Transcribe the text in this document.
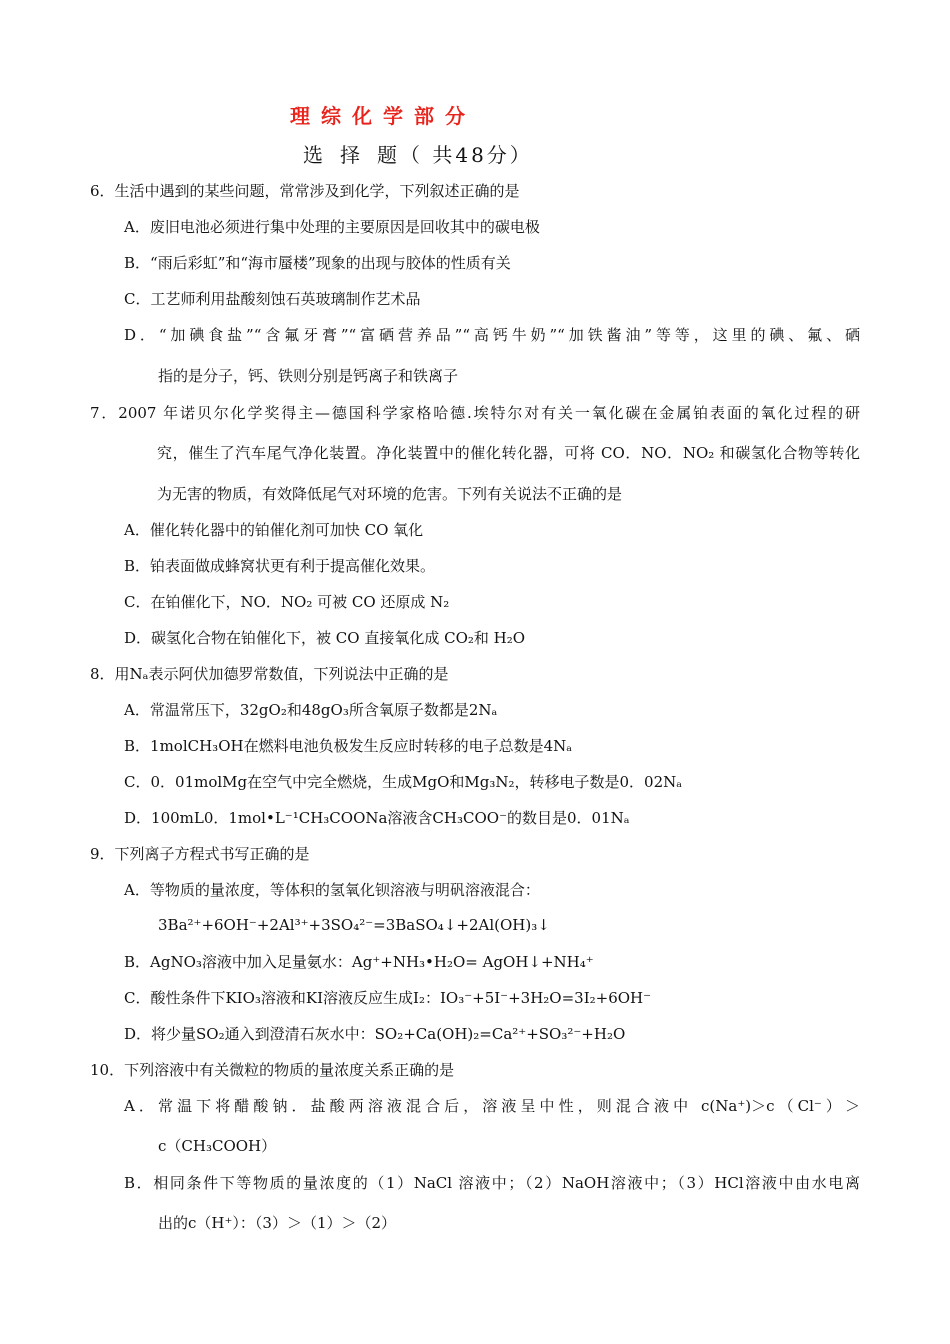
理综化学部分
选 择 题（ 共48分）
6．生活中遇到的某些问题，常常涉及到化学，下列叙述正确的是
A．废旧电池必须进行集中处理的主要原因是回收其中的碳电极
B．“雨后彩虹”和“海市蜃楼”现象的出现与胶体的性质有关
C．工艺师利用盐酸刻蚀石英玻璃制作艺术品
D．“加碘食盐”“含氟牙膏”“富硒营养品”“高钙牛奶”“加铁酱油”等等，这里的碘、氟、硒
指的是分子，钙、铁则分别是钙离子和铁离子
7．2007 年诺贝尔化学奖得主—德国科学家格哈德.埃特尔对有关一氧化碳在金属铂表面的氧化过程的研
究，催生了汽车尾气净化装置。净化装置中的催化转化器，可将 CO．NO．NO₂ 和碳氢化合物等转化
为无害的物质，有效降低尾气对环境的危害。下列有关说法不正确的是
A．催化转化器中的铂催化剂可加快 CO 氧化
B．铂表面做成蜂窝状更有利于提高催化效果。
C．在铂催化下，NO．NO₂ 可被 CO 还原成 N₂
D．碳氢化合物在铂催化下，被 CO 直接氧化成 CO₂和 H₂O
8．用Nₐ表示阿伏加德罗常数值，下列说法中正确的是
A．常温常压下，32gO₂和48gO₃所含氧原子数都是2Nₐ
B．1molCH₃OH在燃料电池负极发生反应时转移的电子总数是4Nₐ
C．0．01molMg在空气中完全燃烧，生成MgO和Mg₃N₂，转移电子数是0．02Nₐ
D．100mL0．1mol•L⁻¹CH₃COONa溶液含CH₃COO⁻的数目是0．01Nₐ
9．下列离子方程式书写正确的是
A．等物质的量浓度，等体积的氢氧化钡溶液与明矾溶液混合：
3Ba²⁺+6OH⁻+2Al³⁺+3SO₄²⁻=3BaSO₄↓+2Al(OH)₃↓
B．AgNO₃溶液中加入足量氨水：Ag⁺+NH₃•H₂O= AgOH↓+NH₄⁺
C．酸性条件下KIO₃溶液和KI溶液反应生成I₂：IO₃⁻+5I⁻+3H₂O=3I₂+6OH⁻
D．将少量SO₂通入到澄清石灰水中：SO₂+Ca(OH)₂=Ca²⁺+SO₃²⁻+H₂O
10．下列溶液中有关微粒的物质的量浓度关系正确的是
A．常温下将醋酸钠．盐酸两溶液混合后，溶液呈中性，则混合液中 c(Na⁺)＞c（Cl⁻）＞
c（CH₃COOH）
B．相同条件下等物质的量浓度的（1）NaCl 溶液中；（2）NaOH溶液中；（3）HCl溶液中由水电离
出的c（H⁺）：（3）＞（1）＞（2）
